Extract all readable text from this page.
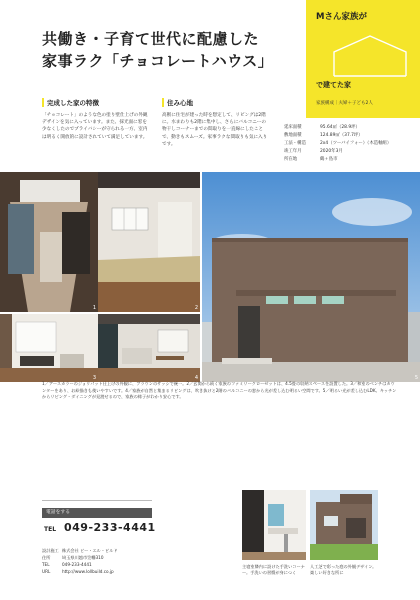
共働き・子育て世代に配慮した
家事ラク「チョコレートハウス」
Mさん家族が
で建てた家
家族構成｜夫婦＋子ども2人
完成した家の特徴
「チョコレート」のような色の塗り壁仕上げの外観デザインを気に入っています。また、採光面に窓を少なくしたのでプライバシーが守られる一方、室内は明るく開放的に設計されていて満足しています。
住み心地
高断に住宅が建った時を想定して、リビングは2階に。水まわりも2階に集中し、さらにバルコニーの物干しコーナーまでの間取りを一直線にしたことで、動きもスムーズ。家事ラクな間取りも気に入りです。
延床面積	95.64㎡（28.9坪）
敷地面積	124.89㎡（37.7坪）
工法・構造	2x4（ツーバイフォー）（木造軸組）
竣工年月	2020年3月
所在地	鶴ヶ島市
1	2
3	4	5
1／アースカラーのジョリパット仕上げの外観に、ブラウンのサッシで統一。2／玄関から続く家族のファミリークローゼットは、4.5畳の収納スペースを設置した。3／和室のベンチはカウンターをあり、お絵描きも使いやすいです。4／家族が自然と集まるリビングは、吹き抜けと2階のバルコニーの窓から光が差し込む明るい空間です。5／明るい光が差し込むLDK。キッチンからリビング・ダイニングが見渡せるので、家族の様子がわかり安心です。
電話をする
TEL 049-233-4441
設計施工 株式会社 ピー・エル・ビルド
住所	埼玉県川越市笠幡310
TEL	049-233-4441
URL	http://www.lollbuild.co.jp
主寝室隣内に設けた手洗いコーナー。手洗いの習慣が身につく
人工芝で彩った庭の外観デザイン。楽しい好きな所に
